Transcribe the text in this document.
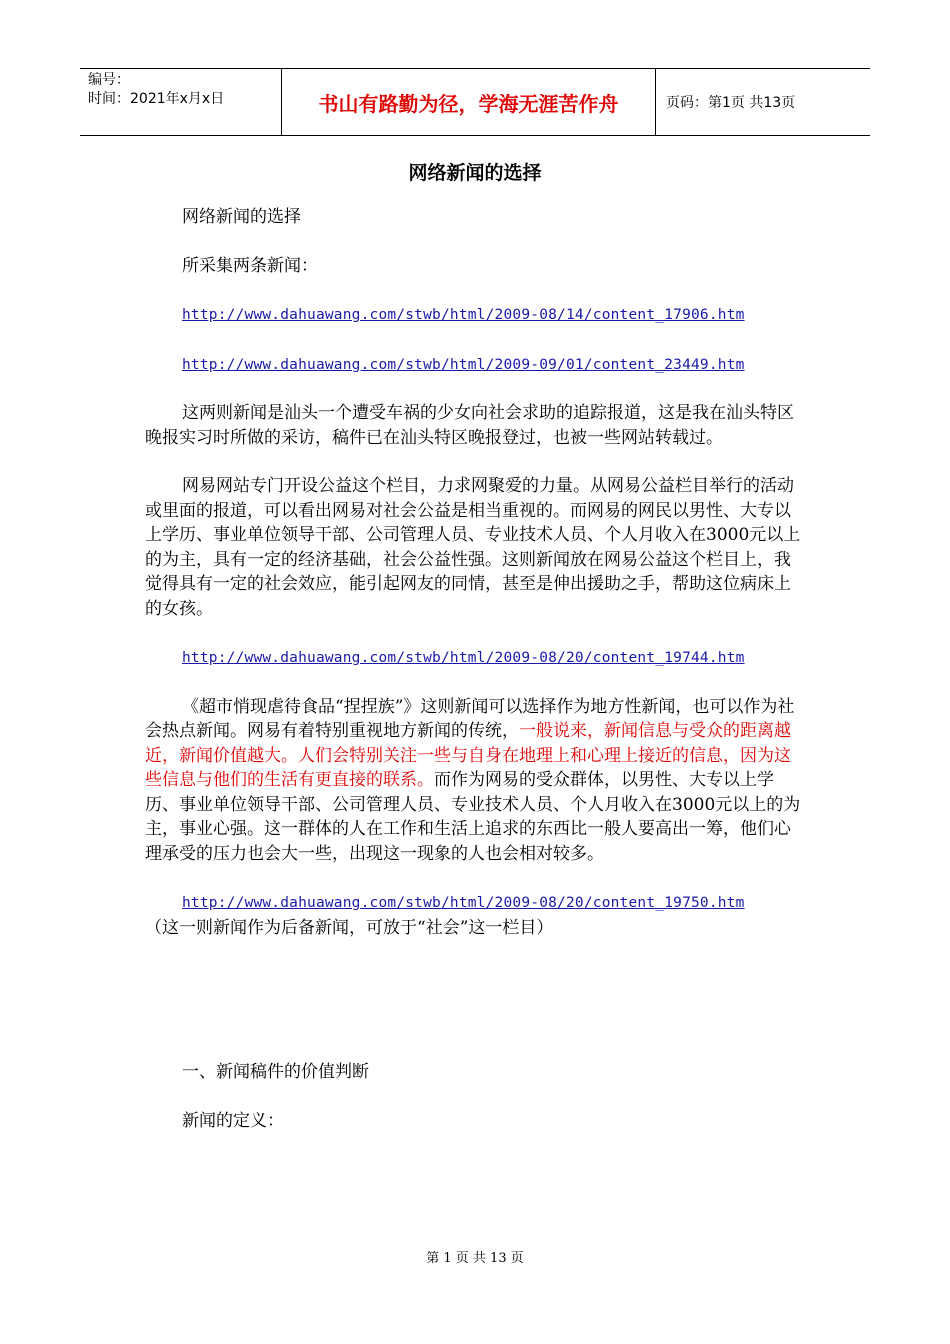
编号：
时间：2021年x月x日	书山有路勤为径，学海无涯苦作舟	页码：第1页 共13页
网络新闻的选择

网络新闻的选择

所采集两条新闻：

http://www.dahuawang.com/stwb/html/2009-08/14/content_17906.htm

http://www.dahuawang.com/stwb/html/2009-09/01/content_23449.htm

这两则新闻是汕头一个遭受车祸的少女向社会求助的追踪报道，这是我在汕头特区晚报实习时所做的采访，稿件已在汕头特区晚报登过，也被一些网站转载过。

网易网站专门开设公益这个栏目，力求网聚爱的力量。从网易公益栏目举行的活动或里面的报道，可以看出网易对社会公益是相当重视的。而网易的网民以男性、大专以上学历、事业单位领导干部、公司管理人员、专业技术人员、个人月收入在3000元以上的为主，具有一定的经济基础，社会公益性强。这则新闻放在网易公益这个栏目上，我觉得具有一定的社会效应，能引起网友的同情，甚至是伸出援助之手，帮助这位病床上的女孩。

http://www.dahuawang.com/stwb/html/2009-08/20/content_19744.htm

《超市悄现虐待食品“捏捏族”》这则新闻可以选择作为地方性新闻，也可以作为社会热点新闻。网易有着特别重视地方新闻的传统，一般说来，新闻信息与受众的距离越近，新闻价值越大。人们会特别关注一些与自身在地理上和心理上接近的信息，因为这些信息与他们的生活有更直接的联系。而作为网易的受众群体，以男性、大专以上学历、事业单位领导干部、公司管理人员、专业技术人员、个人月收入在3000元以上的为主，事业心强。这一群体的人在工作和生活上追求的东西比一般人要高出一筹，他们心理承受的压力也会大一些，出现这一现象的人也会相对较多。

http://www.dahuawang.com/stwb/html/2009-08/20/content_19750.htm

（这一则新闻作为后备新闻，可放于“社会”这一栏目）

一、新闻稿件的价值判断

新闻的定义：

第 1 页 共 13 页
